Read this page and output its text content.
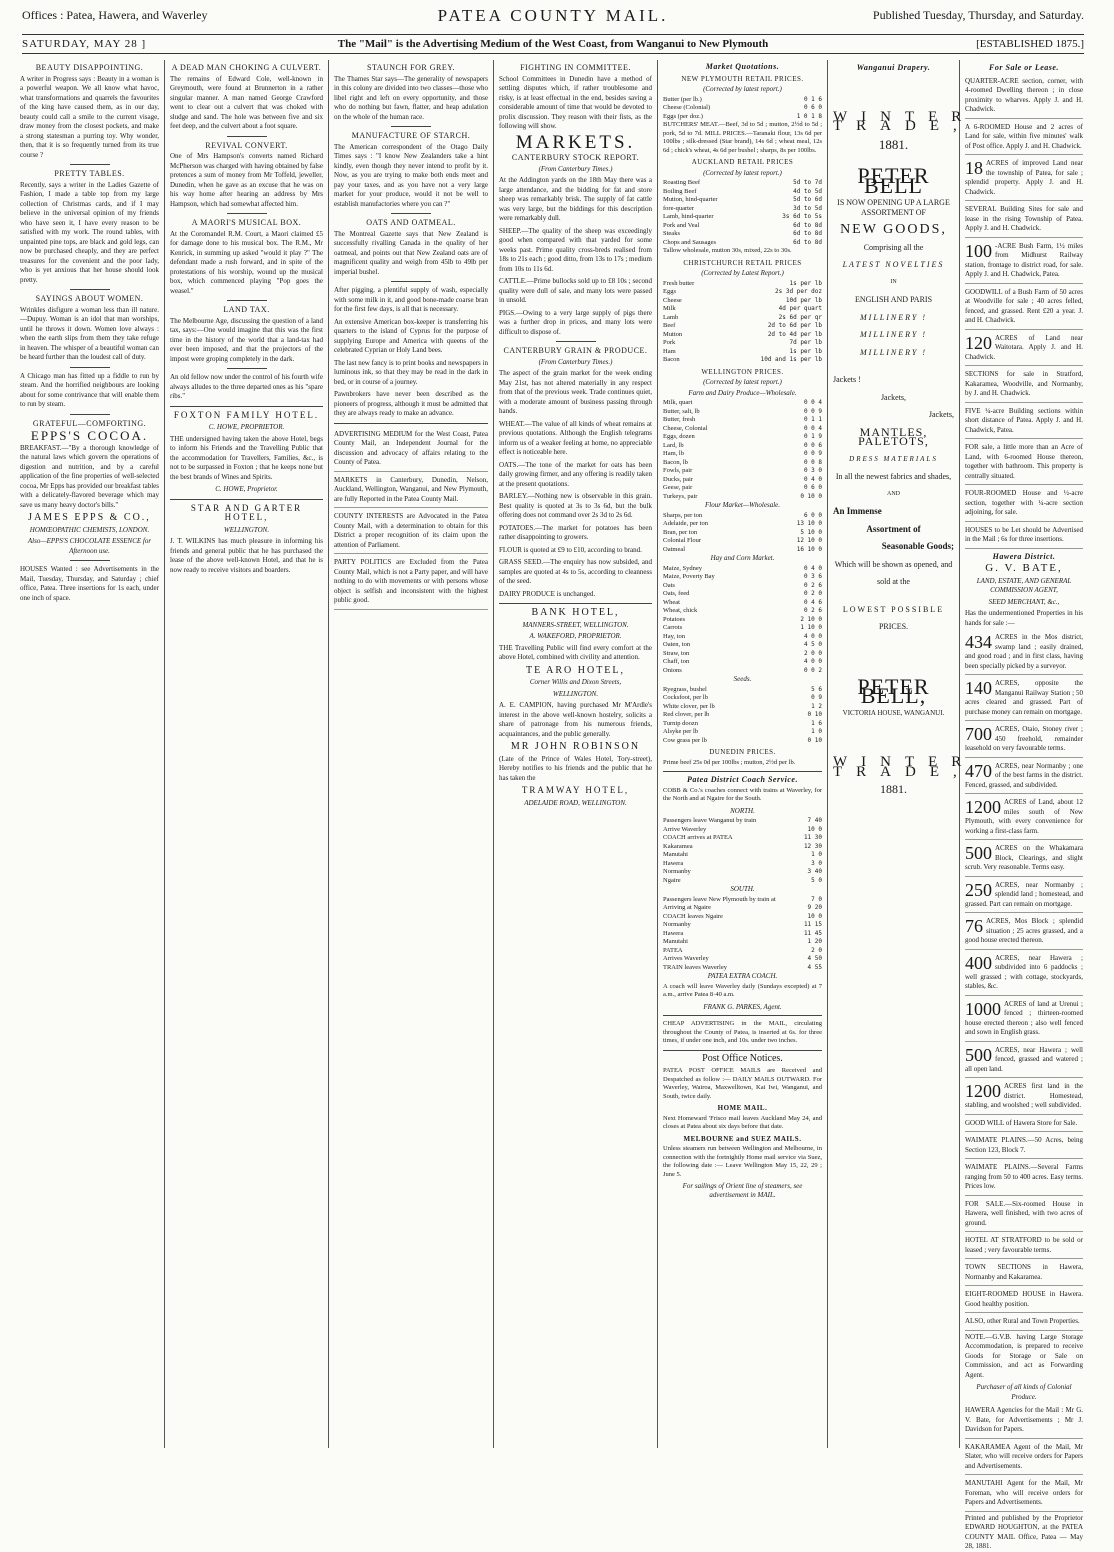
Offices : Patea, Hawera, and Waverley	PATEA COUNTY MAIL.	Published Tuesday, Thursday, and Saturday.
SATURDAY, MAY 28 ]	The "Mail" is the Advertising Medium of the West Coast, from Wanganui to New Plymouth	[ESTABLISHED 1875.]
BEAUTY DISAPPOINTING.
A writer in Progress says : Beauty in a woman is a powerful weapon. We all know what havoc, what transformations and quarrels the favourites of the king have caused them, as in our day, beauty could call a smile to the current visage, draw money from the closest pockets, and make a strong statesman a purring toy. Why wonder, then, that it is so frequently turned from its true course ?
PRETTY TABLES.
Recently, says a writer in the Ladies Gazette of Fashion, I made a table top from my large collection of Christmas cards, and if I may believe in the universal opinion of my friends who have seen it, I have every reason to be satisfied with my work. The round tables, with unpainted pine tops, are black and gold legs, can now be purchased cheaply, and they are perfect treasures for the covenient and the poor lady, who is yet anxious that her house should look pretty.
SAYINGS ABOUT WOMEN.
Wrinkles disfigure a woman less than ill nature.—Dupuy. Woman is an idol that man worships, until he throws it down. Women love always : when the earth slips from them they take refuge in heaven. The whisper of a beautiful woman can be heard further than the loudest call of duty.
A Chicago man has fitted up a fiddle to run by steam. And the horrified neighbours are looking about for some contrivance that will enable them to run by steam.
GRATEFUL—COMFORTING.
EPPS'S COCOA.
BREAKFAST.—"By a thorough knowledge of the natural laws which govern the operations of digestion and nutrition, and by a careful application of the fine properties of well-selected cocoa, Mr Epps has provided our breakfast tables with a delicately-flavored beverage which may save us many heavy doctor's bills."
JAMES EPPS & CO.,
HOMŒOPATHIC CHEMISTS, LONDON.
Also—EPPS'S CHOCOLATE ESSENCE for Afternoon use.
HOUSES Wanted : see Advertisements in the Mail, Tuesday, Thursday, and Saturday ; chief office, Patea. Three insertions for 1s each, under one inch of space.
A DEAD MAN CHOKING A CULVERT.
The remains of Edward Cole, well-known in Greymouth, were found at Brunnerton in a rather singular manner. A man named George Crawford went to clear out a culvert that was choked with sludge and sand. The hole was between five and six feet deep, and the culvert about a foot square.
REVIVAL CONVERT.
One of Mrs Hampson's converts named Richard McPherson was charged with having obtained by false pretences a sum of money from Mr Toffeld, jeweller, Dunedin, when he gave as an excuse that he was on his way home after hearing an address by Mrs Hampson, which had somewhat affected him.
A MAORI'S MUSICAL BOX.
At the Coromandel R.M. Court, a Maori claimed £5 for damage done to his musical box. The R.M., Mr Kenrick, in summing up asked "would it play ?" The defendant made a rush forward, and in spite of the protestations of his worship, wound up the musical box, which commenced playing "Pop goes the weasel."
LAND TAX.
The Melbourne Age, discussing the question of a land tax, says:—One would imagine that this was the first time in the history of the world that a land-tax had ever been imposed, and that the projectors of the impost were groping completely in the dark.
An old fellow now under the control of his fourth wife always alludes to the three departed ones as his "spare ribs."
FOXTON FAMILY HOTEL.
C. HOWE, PROPRIETOR.
THE undersigned having taken the above Hotel, begs to inform his Friends and the Travelling Public that the accommodation for Travellers, Families, &c., is not to be surpassed in Foxton ; that he keeps none but the best brands of Wines and Spirits.
C. HOWE, Proprietor.
STAR AND GARTER HOTEL,
WELLINGTON.
J. T. WILKINS has much pleasure in informing his friends and general public that he has purchased the lease of the above well-known Hotel, and that he is now ready to receive visitors and boarders.
STAUNCH FOR GREY.
The Thames Star says—The generality of newspapers in this colony are divided into two classes—those who libel right and left on every opportunity, and those who do nothing but fawn, flatter, and heap adulation on the whole of the human race.
MANUFACTURE OF STARCH.
The American correspondent of the Otago Daily Times says : "I know New Zealanders take a hint kindly, even though they never intend to profit by it. Now, as you are trying to make both ends meet and pay your taxes, and as you have not a very large market for your produce, would it not be well to establish manufactories where you can ?"
OATS AND OATMEAL.
The Montreal Gazette says that New Zealand is successfully rivalling Canada in the quality of her oatmeal, and points out that New Zealand oats are of magnificent quality and weigh from 45lb to 49lb per imperial bushel.
After pigging, a plentiful supply of wash, especially with some milk in it, and good bone-made coarse bran for the first few days, is all that is necessary.
An extensive American box-keeper is transferring his quarters to the island of Cyprus for the purpose of supplying Europe and America with queens of the celebrated Cyprian or Holy Land bees.
The last new fancy is to print books and newspapers in luminous ink, so that they may be read in the dark in bed, or in course of a journey.
Pawnbrokers have never been described as the pioneers of progress, although it must be admitted that they are always ready to make an advance.
ADVERTISING MEDIUM for the West Coast, Patea County Mail, an Independent Journal for the discussion and advocacy of affairs relating to the County of Patea.
MARKETS in Canterbury, Dunedin, Nelson, Auckland, Wellington, Wanganui, and New Plymouth, are fully Reported in the Patea County Mail.
COUNTY INTERESTS are Advocated in the Patea County Mail, with a determination to obtain for this District a proper recognition of its claim upon the attention of Parliament.
PARTY POLITICS are Excluded from the Patea County Mail, which is not a Party paper, and will have nothing to do with movements or with persons whose object is selfish and inconsistent with the highest public good.
FIGHTING IN COMMITTEE.
School Committees in Dunedin have a method of settling disputes which, if rather troublesome and risky, is at least effectual in the end, besides saving a considerable amount of time that would be devoted to prolix discussion. They reason with their fists, as the following will show.
MARKETS.
CANTERBURY STOCK REPORT.
(From Canterbury Times.)
At the Addington yards on the 18th May there was a large attendance, and the bidding for fat and store sheep was remarkably brisk. The supply of fat cattle was very large, but the biddings for this description were remarkably dull.
SHEEP.—The quality of the sheep was exceedingly good when compared with that yarded for some weeks past. Prime quality cross-breds realised from 18s to 21s each ; good ditto, from 13s to 17s ; medium from 10s to 11s 6d.
CATTLE.—Prime bullocks sold up to £8 10s ; second quality were dull of sale, and many lots were passed in unsold.
PIGS.—Owing to a very large supply of pigs there was a further drop in prices, and many lots were difficult to dispose of.
CANTERBURY GRAIN & PRODUCE.
(From Canterbury Times.)
The aspect of the grain market for the week ending May 21st, has not altered materially in any respect from that of the previous week. Trade continues quiet, with a moderate amount of business passing through hands.
WHEAT.—The value of all kinds of wheat remains at previous quotations. Although the English telegrams inform us of a weaker feeling at home, no appreciable effect is noticeable here.
OATS.—The tone of the market for oats has been daily growing firmer, and any offering is readily taken at the present quotations.
BARLEY.—Nothing new is observable in this grain. Best quality is quoted at 3s to 3s 6d, but the bulk offering does not command over 2s 3d to 2s 6d.
POTATOES.—The market for potatoes has been rather disappointing to growers.
FLOUR is quoted at £9 to £10, according to brand.
GRASS SEED.—The enquiry has now subsided, and samples are quoted at 4s to 5s, according to cleanness of the seed.
DAIRY PRODUCE is unchanged.
BANK HOTEL,
MANNERS-STREET, WELLINGTON.
A. WAKEFORD, PROPRIETOR.
THE Travelling Public will find every comfort at the above Hotel, combined with civility and attention.
TE ARO HOTEL,
Corner Willis and Dixon Streets,
WELLINGTON.
A. E. CAMPION, having purchased Mr M'Ardle's interest in the above well-known hostelry, solicits a share of patronage from his numerous friends, acquaintances, and the public generally.
MR JOHN ROBINSON
(Late of the Prince of Wales Hotel, Tory-street), Hereby notifies to his friends and the public that he has taken the
TRAMWAY HOTEL,
ADELAIDE ROAD, WELLINGTON.
Market Quotations.
NEW PLYMOUTH RETAIL PRICES.
(Corrected by latest report.)
Butter (per lb.)	0 1 6
Cheese (Colonial)	0 6 0
Eggs (per doz.)	1 0 1 8
BUTCHERS' MEAT.—Beef, 3d to 5d ; mutton, 2½d to 5d ; pork, 5d to 7d. MILL PRICES.—Taranaki flour, 13s 6d per 100lbs ; silk-dressed (Star brand), 14s 6d ; wheat meal, 12s 6d ; chick's wheat, 4s 6d per bushel ; sharps, 8s per 100lbs.
AUCKLAND RETAIL PRICES
(Corrected by latest report.)
Roasting Beef	5d to 7d
Boiling Beef	4d to 5d
Mutton, hind-quarter	5d to 6d
fore-quarter	3d to 5d
Lamb, hind-quarter	3s 6d to 5s
Pork and Veal	6d to 8d
Steaks	6d to 8d
Chops and Sausages	6d to 8d
Tallow wholesale, mutton 30s, mixed, 22s to 30s.
CHRISTCHURCH RETAIL PRICES
(Corrected by Latest Report.)
Fresh butter	1s per lb
Eggs	2s 3d per doz
Cheese	10d per lb
Milk	4d per quart
Lamb	2s 6d per qr
Beef	2d to 6d per lb
Mutton	2d to 4d per lb
Pork	7d per lb
Ham	1s per lb
Bacon	10d and 1s per lb
WELLINGTON PRICES.
(Corrected by latest report.)
Farm and Dairy Produce—Wholesale.
Milk, quart	0 0 4
Butter, salt, lb	0 0 9
Butter, fresh	0 1 1
Cheese, Colonial	0 0 4
Eggs, dozen	0 1 9
Lard, lb	0 0 6
Ham, lb	0 0 9
Bacon, lb	0 0 8
Fowls, pair	0 3 0
Ducks, pair	0 4 0
Geese, pair	0 6 0
Turkeys, pair	0 10 0
Flour Market—Wholesale.
Sharps, per ton	6 0 0
Adelaide, per ton	13 10 0
Bran, per ton	5 10 0
Colonial Flour	12 10 0
Oatmeal	16 10 0
Hay and Corn Market.
Maize, Sydney	0 4 0
Maize, Poverty Bay	0 3 6
Oats	0 2 6
Oats, feed	0 2 0
Wheat	0 4 6
Wheat, chick	0 2 6
Potatoes	2 10 0
Carrots	1 10 0
Hay, ton	4 0 0
Oaten, ton	4 5 0
Straw, ton	2 0 0
Chaff, ton	4 0 0
Onions	0 0 2
Seeds.
Ryegrass, bushel	5 6
Cocksfoot, per lb	0 9
White clover, per lb	1 2
Red clover, per lb	0 10
Turnip doozn	1 6
Alsyke per lb	1 0
Cow grass per lb	0 10
DUNEDIN PRICES.
Prime beef 25s 0d per 100lbs ; mutton, 2½d per lb.
Patea District Coach Service.
COBB & Co.'s coaches connect with trains at Waverley, for the North and at Ngaire for the South.
NORTH.
Passengers leave Wanganui by train	7 40
Arrive Waverley	10 0
COACH arrives at PATEA	11 30
Kakaramea	12 30
Manutahi	1 0
Hawera	3 0
Normanby	3 40
Ngaire	5 0
SOUTH.
Passengers leave New Plymouth by train at	7 0
Arriving at Ngaire	9 20
COACH leaves Ngaire	10 0
Normanby	11 15
Hawera	11 45
Manutahi	1 20
PATEA	2 0
Arrives Waverley	4 50
TRAIN leaves Waverley	4 55
PATEA EXTRA COACH.
A coach will leave Waverley daily (Sundays excepted) at 7 a.m., arrive Patea 8·40 a.m.
FRANK G. PARKES, Agent.
CHEAP ADVERTISING in the MAIL, circulating throughout the County of Patea, is inserted at 6s. for three times, if under one inch, and 10s. under two inches.
Post Office Notices.
PATEA POST OFFICE MAILS are Received and Despatched as follow :— DAILY MAILS OUTWARD. For Waverley, Wairoa, Maxwelltown, Kai Iwi, Wanganui, and South, twice daily.
HOME MAIL.
Next Homeward 'Frisco mail leaves Auckland May 24, and closes at Patea about six days before that date.
MELBOURNE and SUEZ MAILS.
Unless steamers run between Wellington and Melbourne, in connection with the fortnightly Home mail service via Suez, the following date :— Leave Wellington May 15, 22, 29 ; June 5.
For sailings of Orient line of steamers, see advertisement in MAIL.
Wanganui Drapery.
WINTER TRADE,
1881.
PETER BELL
IS NOW OPENING UP A LARGE ASSORTMENT OF
NEW GOODS,
Comprising all the
LATEST NOVELTIES
IN
ENGLISH AND PARIS
MILLINERY !
MILLINERY !
MILLINERY !
Jackets !
Jackets,
Jackets,
MANTLES, PALETOTS,
DRESS MATERIALS
In all the newest fabrics and shades,
AND
An Immense
Assortment of
Seasonable Goods;
Which will be shown as opened, and
sold at the
LOWEST POSSIBLE
PRICES.
PETER BELL,
VICTORIA HOUSE, WANGANUI.
WINTER TRADE,
1881.
For Sale or Lease.
QUARTER-ACRE section, corner, with 4-roomed Dwelling thereon ; in close proximity to wharves. Apply J. and H. Chadwick.
A 6-ROOMED House and 2 acres of Land for sale, within five minutes' walk of Post office. Apply J. and H. Chadwick.
18 ACRES of improved Land near the township of Patea, for sale ; splendid property. Apply J. and H. Chadwick.
SEVERAL Building Sites for sale and lease in the rising Township of Patea. Apply J. and H. Chadwick.
100 -ACRE Bush Farm, 1½ miles from Midhurst Railway station, frontage to district road, for sale. Apply J. and H. Chadwick, Patea.
GOODWILL of a Bush Farm of 50 acres at Woodville for sale ; 40 acres felled, fenced, and grassed. Rent £20 a year. J. and H. Chadwick.
120 ACRES of Land near Waitotara. Apply J. and H. Chadwick.
SECTIONS for sale in Stratford, Kakaramea, Woodville, and Normanby, by J. and H. Chadwick.
FIVE ¼-acre Building sections within short distance of Patea. Apply J. and H. Chadwick, Patea.
FOR sale, a little more than an Acre of Land, with 6-roomed House thereon, together with bathroom. This property is centrally situated.
FOUR-ROOMED House and ½-acre section, together with ¼-acre section adjoining, for sale.
HOUSES to be Let should be Advertised in the Mail ; 6s for three insertions.
Hawera District.
G. V. BATE,
LAND, ESTATE, AND GENERAL COMMISSION AGENT,
SEED MERCHANT, &c.,
Has the undermentioned Properties in his hands for sale :—
434 ACRES in the Mos district, swamp land ; easily drained, and good road ; and in first class, having been specially picked by a surveyor.
140 ACRES, opposite the Manganui Railway Station ; 50 acres cleared and grassed. Part of purchase money can remain on mortgage.
700 ACRES, Otaio, Stoney river ; 450 freehold, remainder leasehold on very favourable terms.
470 ACRES, near Normanby ; one of the best farms in the district. Fenced, grassed, and subdivided.
1200 ACRES of Land, about 12 miles south of New Plymouth, with every convenience for working a first-class farm.
500 ACRES on the Whakamara Block, Clearings, and slight scrub. Very reasonable. Terms easy.
250 ACRES, near Normanby ; splendid land ; homestead, and grassed. Part can remain on mortgage.
76 ACRES, Mos Block ; splendid situation ; 25 acres grassed, and a good house erected thereon.
400 ACRES, near Hawera ; subdivided into 6 paddocks ; well grassed ; with cottage, stockyards, stables, &c.
1000 ACRES of land at Urenui ; fenced ; thirteen-roomed house erected thereon ; also well fenced and sown in English grass.
500 ACRES, near Hawera ; well fenced, grassed and watered ; all open land.
1200 ACRES first land in the district. Homestead, stabling, and woolshed ; well subdivided.
GOOD WILL of Hawera Store for Sale.
WAIMATE PLAINS.—50 Acres, being Section 123, Block 7.
WAIMATE PLAINS.—Several Farms ranging from 50 to 400 acres. Easy terms. Prices low.
FOR SALE.—Six-roomed House in Hawera, well finished, with two acres of ground.
HOTEL AT STRATFORD to be sold or leased ; very favourable terms.
TOWN SECTIONS in Hawera, Normanby and Kakaramea.
EIGHT-ROOMED HOUSE in Hawera. Good healthy position.
ALSO, other Rural and Town Properties.
NOTE.—G.V.B. having Large Storage Accommodation, is prepared to receive Goods for Storage or Sale on Commission, and act as Forwarding Agent.
Purchaser of all kinds of Colonial Produce.
HAWERA Agencies for the Mail : Mr G. V. Bate, for Advertisements ; Mr J. Davidson for Papers.
KAKARAMEA Agent of the Mail, Mr Slater, who will receive orders for Papers and Advertisements.
MANUTAHI Agent for the Mail, Mr Foreman, who will receive orders for Papers and Advertisements.
Printed and published by the Proprietor EDWARD HOUGHTON, at the PATEA COUNTY MAIL Office, Patea — May 28, 1881.
